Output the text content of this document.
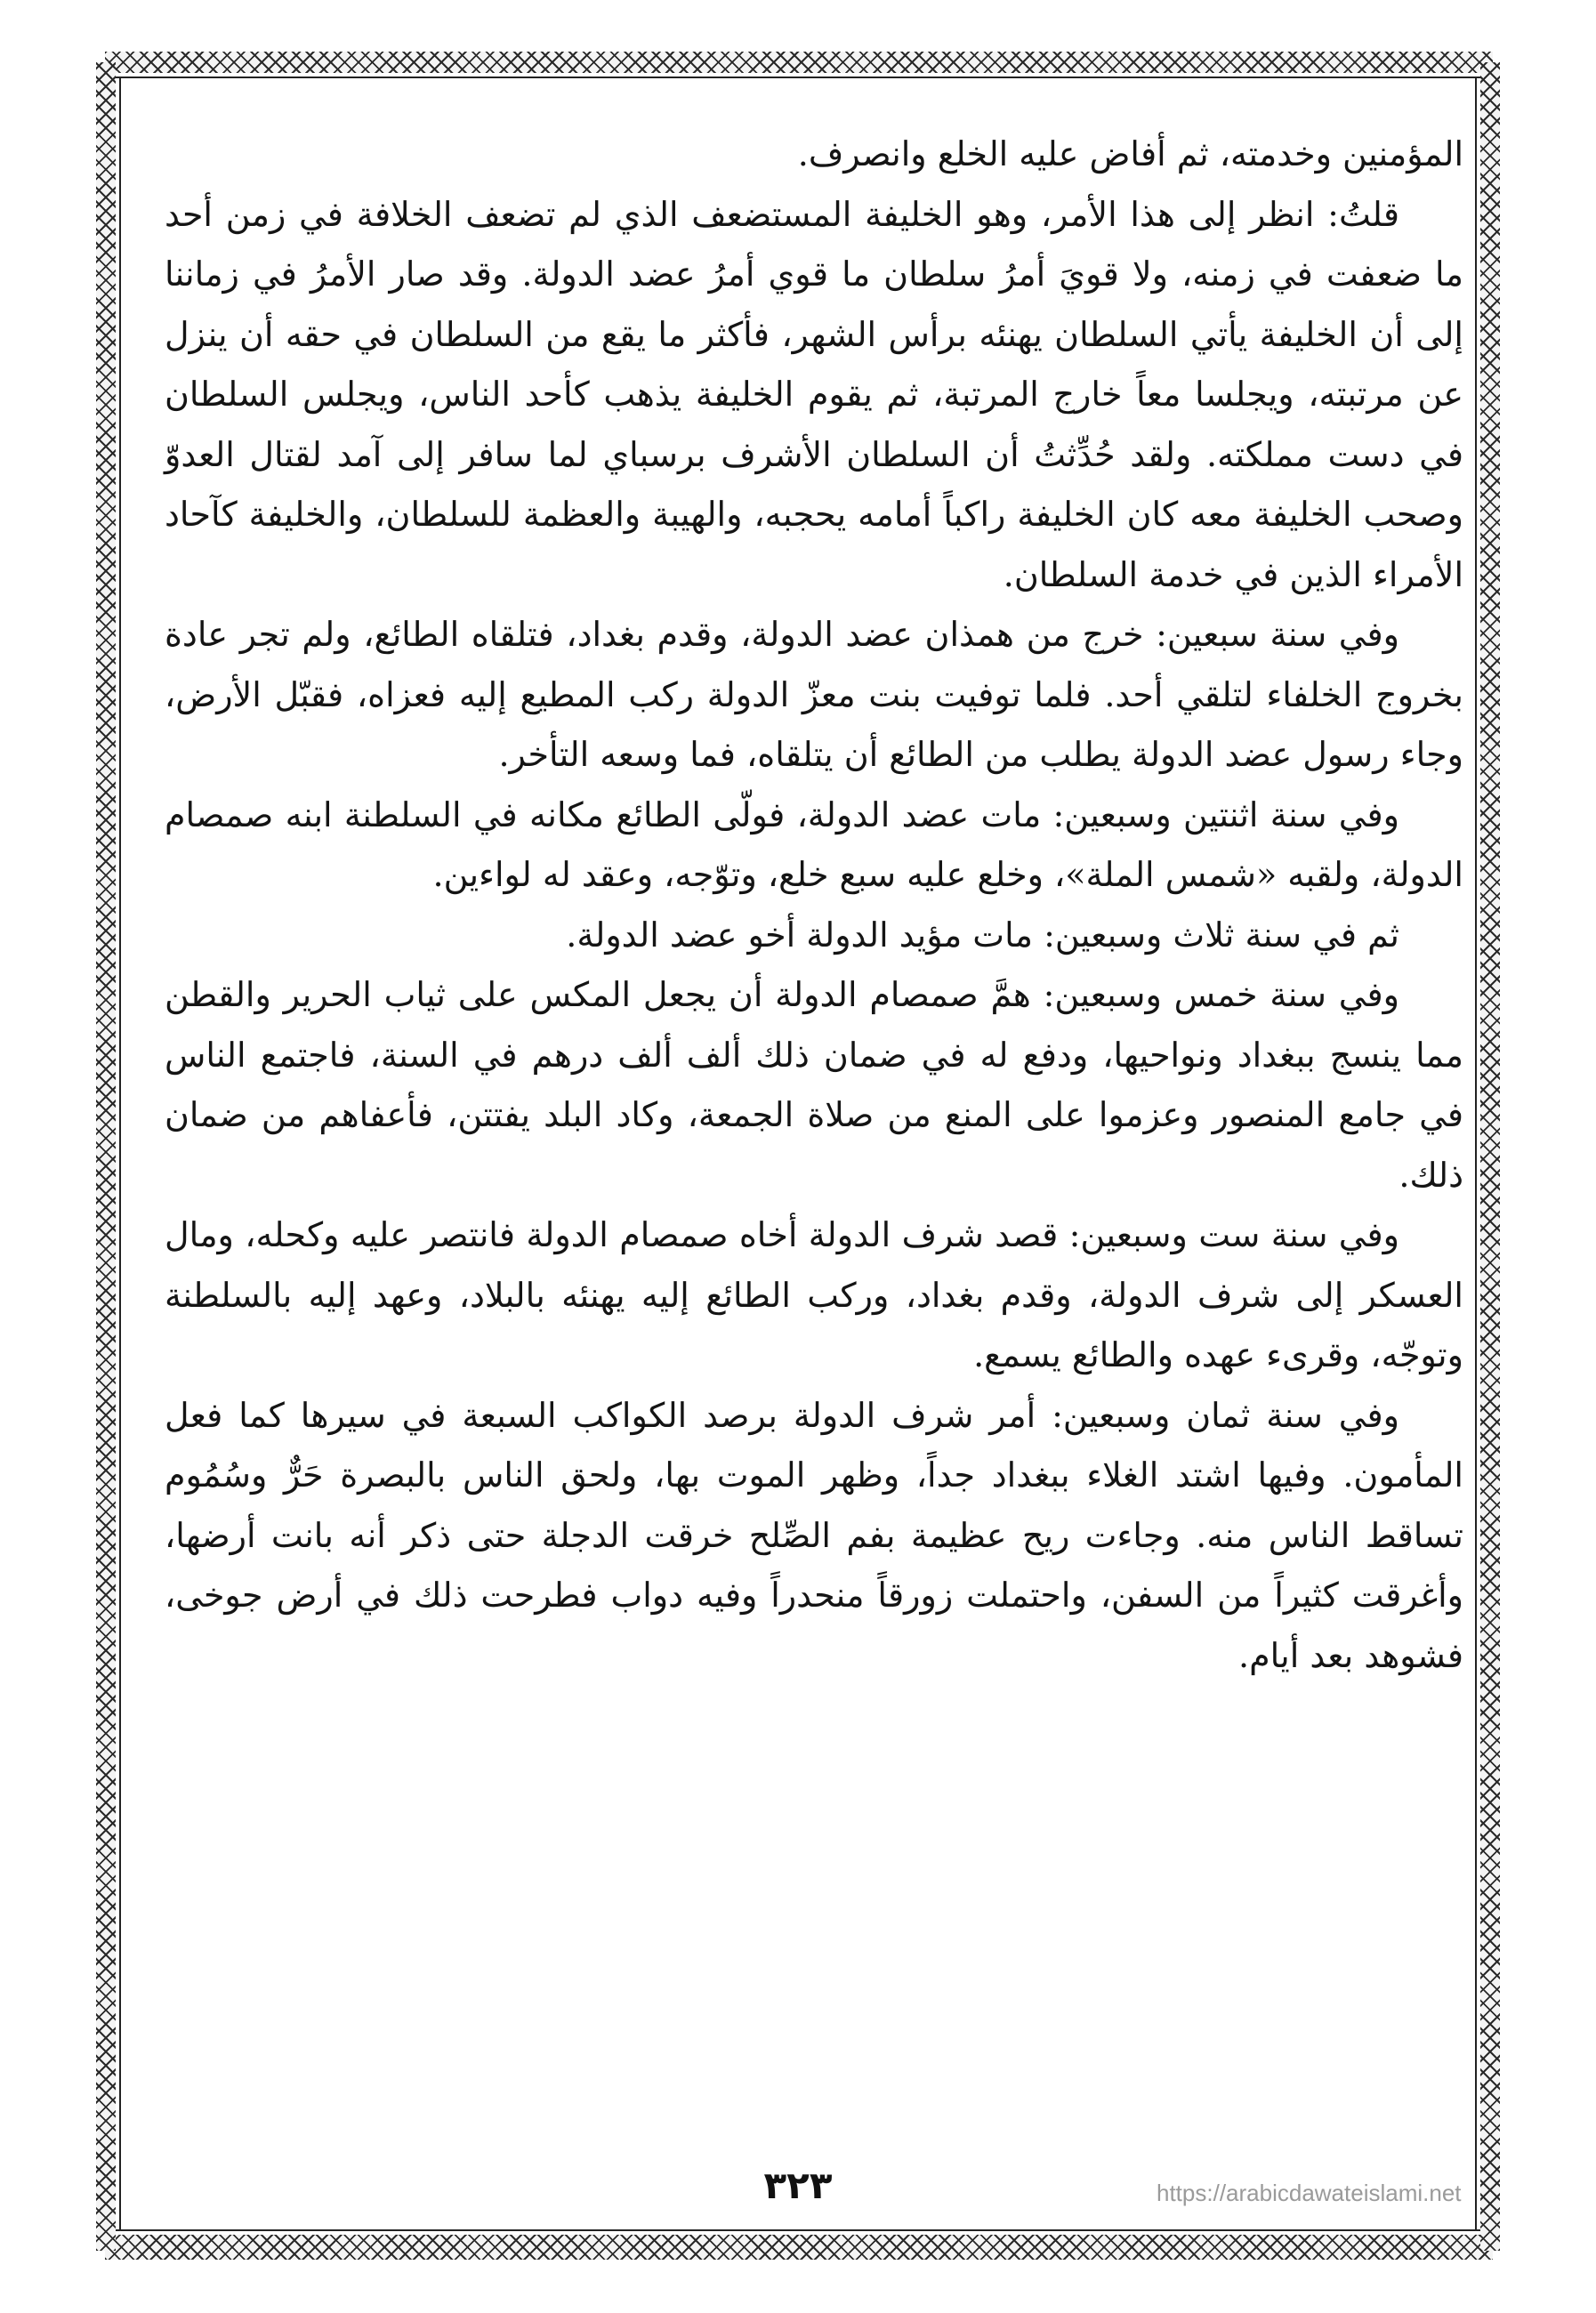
المؤمنين وخدمته، ثم أفاض عليه الخلع وانصرف.

قلتُ: انظر إلى هذا الأمر، وهو الخليفة المستضعف الذي لم تضعف الخلافة في زمن أحد ما ضعفت في زمنه، ولا قويَ أمرُ سلطان ما قوي أمرُ عضد الدولة. وقد صار الأمرُ في زماننا إلى أن الخليفة يأتي السلطان يهنئه برأس الشهر، فأكثر ما يقع من السلطان في حقه أن ينزل عن مرتبته، ويجلسا معاً خارج المرتبة، ثم يقوم الخليفة يذهب كأحد الناس، ويجلس السلطان في دست مملكته. ولقد حُدِّثتُ أن السلطان الأشرف برسباي لما سافر إلى آمد لقتال العدوّ وصحب الخليفة معه كان الخليفة راكباً أمامه يحجبه، والهيبة والعظمة للسلطان، والخليفة كآحاد الأمراء الذين في خدمة السلطان.

وفي سنة سبعين: خرج من همذان عضد الدولة، وقدم بغداد، فتلقاه الطائع، ولم تجر عادة بخروج الخلفاء لتلقي أحد. فلما توفيت بنت معزّ الدولة ركب المطيع إليه فعزاه، فقبّل الأرض، وجاء رسول عضد الدولة يطلب من الطائع أن يتلقاه، فما وسعه التأخر.

وفي سنة اثنتين وسبعين: مات عضد الدولة، فولّى الطائع مكانه في السلطنة ابنه صمصام الدولة، ولقبه «شمس الملة»، وخلع عليه سبع خلع، وتوّجه، وعقد له لواءين.

ثم في سنة ثلاث وسبعين: مات مؤيد الدولة أخو عضد الدولة.

وفي سنة خمس وسبعين: همَّ صمصام الدولة أن يجعل المكس على ثياب الحرير والقطن مما ينسج ببغداد ونواحيها، ودفع له في ضمان ذلك ألف ألف درهم في السنة، فاجتمع الناس في جامع المنصور وعزموا على المنع من صلاة الجمعة، وكاد البلد يفتتن، فأعفاهم من ضمان ذلك.

وفي سنة ست وسبعين: قصد شرف الدولة أخاه صمصام الدولة فانتصر عليه وكحله، ومال العسكر إلى شرف الدولة، وقدم بغداد، وركب الطائع إليه يهنئه بالبلاد، وعهد إليه بالسلطنة وتوجّه، وقرىء عهده والطائع يسمع.

وفي سنة ثمان وسبعين: أمر شرف الدولة برصد الكواكب السبعة في سيرها كما فعل المأمون. وفيها اشتد الغلاء ببغداد جداً، وظهر الموت بها، ولحق الناس بالبصرة حَرٌّ وسُمُوم تساقط الناس منه. وجاءت ريح عظيمة بفم الصِّلح خرقت الدجلة حتى ذكر أنه بانت أرضها، وأغرقت كثيراً من السفن، واحتملت زورقاً منحدراً وفيه دواب فطرحت ذلك في أرض جوخى، فشوهد بعد أيام.

٣٢٣	https://arabicdawateislami.net
